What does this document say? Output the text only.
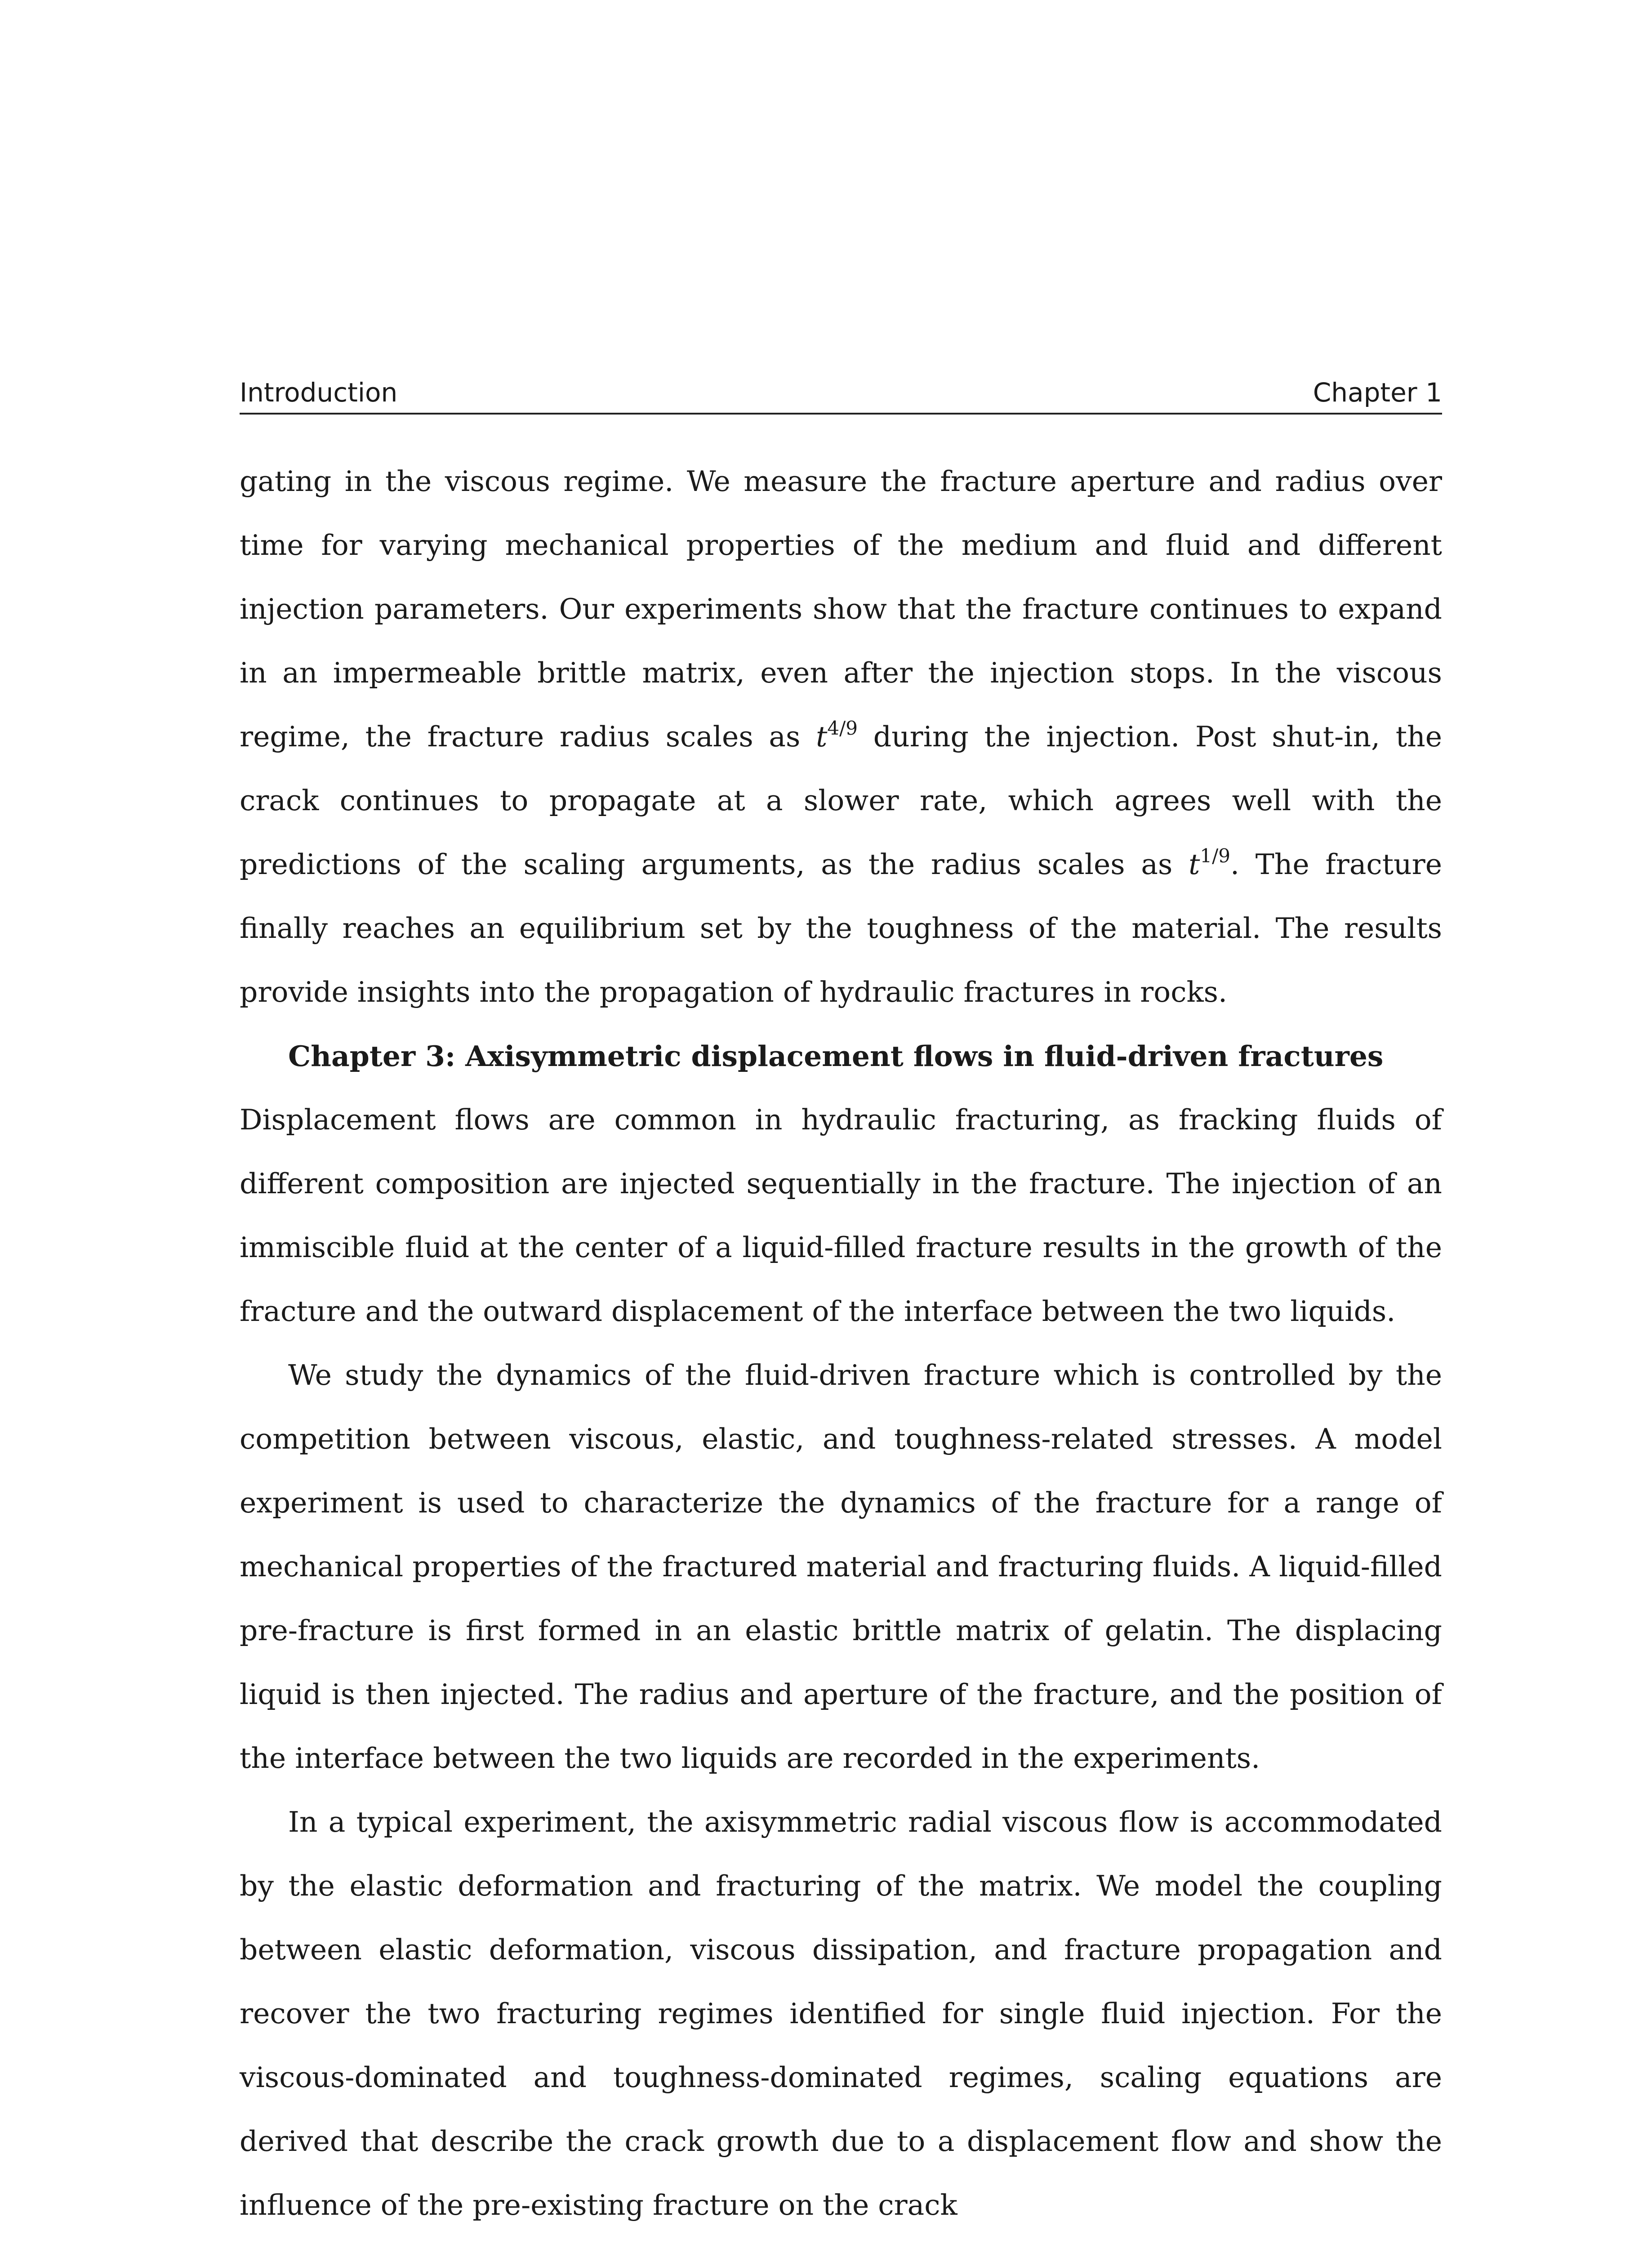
Introduction	Chapter 1

gating in the viscous regime. We measure the fracture aperture and radius over time for varying mechanical properties of the medium and fluid and different injection parameters. Our experiments show that the fracture continues to expand in an impermeable brittle matrix, even after the injection stops. In the viscous regime, the fracture radius scales as $t^{4/9}$ during the injection. Post shut-in, the crack continues to propagate at a slower rate, which agrees well with the predictions of the scaling arguments, as the radius scales as $t^{1/9}$. The fracture finally reaches an equilibrium set by the toughness of the material. The results provide insights into the propagation of hydraulic fractures in rocks.

Chapter 3: Axisymmetric displacement flows in fluid-driven fractures

Displacement flows are common in hydraulic fracturing, as fracking fluids of different composition are injected sequentially in the fracture. The injection of an immiscible fluid at the center of a liquid-filled fracture results in the growth of the fracture and the outward displacement of the interface between the two liquids.

We study the dynamics of the fluid-driven fracture which is controlled by the competition between viscous, elastic, and toughness-related stresses. A model experiment is used to characterize the dynamics of the fracture for a range of mechanical properties of the fractured material and fracturing fluids. A liquid-filled pre-fracture is first formed in an elastic brittle matrix of gelatin. The displacing liquid is then injected. The radius and aperture of the fracture, and the position of the interface between the two liquids are recorded in the experiments.

In a typical experiment, the axisymmetric radial viscous flow is accommodated by the elastic deformation and fracturing of the matrix. We model the coupling between elastic deformation, viscous dissipation, and fracture propagation and recover the two fracturing regimes identified for single fluid injection. For the viscous-dominated and toughness-dominated regimes, scaling equations are derived that describe the crack growth due to a displacement flow and show the influence of the pre-existing fracture on the crack
